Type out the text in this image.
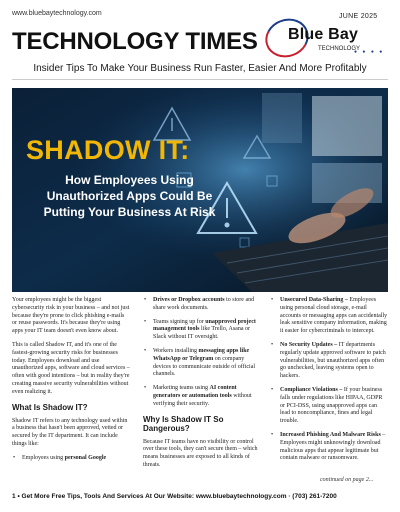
www.bluebaytechnology.com	JUNE 2025
TECHNOLOGY TIMES Blue Bay
TECHNOLOGY
● ● ● ●
Insider Tips To Make Your Business Run Faster, Easier And More Profitably
SHADOW IT:
How Employees Using Unauthorized Apps Could Be Putting Your Business At Risk

Your employees might be the biggest cybersecurity risk in your business – and not just because they're prone to click phishing e-mails or reuse passwords. It's because they're using apps your IT team doesn't even know about.

This is called Shadow IT, and it's one of the fastest-growing security risks for businesses today. Employees download and use unauthorized apps, software and cloud services – often with good intentions – but in reality they're creating massive security vulnerabilities without even realizing it.

What Is Shadow IT?

Shadow IT refers to any technology used within a business that hasn't been approved, vetted or secured by the IT department. It can include things like:

• Employees using personal Google
• Drives or Dropbox accounts to store and share work documents.
• Teams signing up for unapproved project management tools like Trello, Asana or Slack without IT oversight.
• Workers installing messaging apps like WhatsApp or Telegram on company devices to communicate outside of official channels.
• Marketing teams using AI content generators or automation tools without verifying their security.
Why Is Shadow IT So Dangerous?

Because IT teams have no visibility or control over these tools, they can't secure them – which means businesses are exposed to all kinds of threats.

• Unsecured Data-Sharing – Employees using personal cloud storage, e-mail accounts or messaging apps can accidentally leak sensitive company information, making it easier for cybercriminals to intercept.
• No Security Updates – IT departments regularly update approved software to patch vulnerabilities, but unauthorized apps often go unchecked, leaving systems open to hackers.
• Compliance Violations – If your business falls under regulations like HIPAA, GDPR or PCI-DSS, using unapproved apps can lead to noncompliance, fines and legal trouble.
• Increased Phishing And Malware Risks – Employees might unknowingly download malicious apps that appear legitimate but contain malware or ransomware.
continued on page 2...
1 • Get More Free Tips, Tools And Services At Our Website: www.bluebaytechnology.com · (703) 261-7200
